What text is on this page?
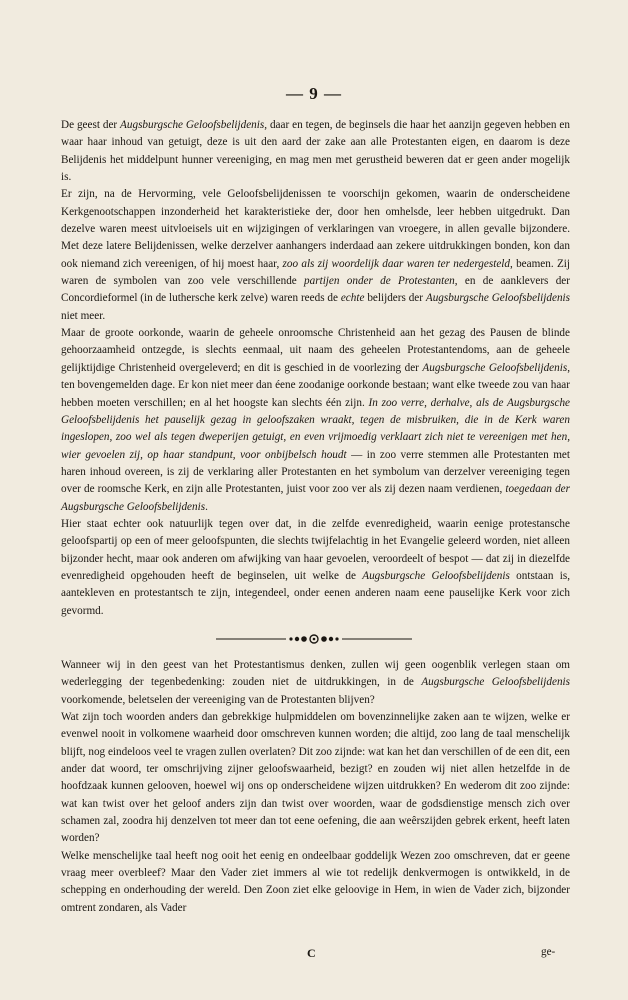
— 9 —

De geest der Augsburgsche Geloofsbelijdenis, daar en tegen, de beginsels die haar het aanzijn gegeven hebben en waar haar inhoud van getuigt, deze is uit den aard der zake aan alle Protestanten eigen, en daarom is deze Belijdenis het middelpunt hunner vereeniging, en mag men met gerustheid beweren dat er geen ander mogelijk is.

Er zijn, na de Hervorming, vele Geloofsbelijdenissen te voorschijn gekomen, waarin de onderscheidene Kerkgenootschappen inzonderheid het karakteristieke der, door hen omhelsde, leer hebben uitgedrukt. Dan dezelve waren meest uitvloeisels uit en wijzigingen of verklaringen van vroegere, in allen gevalle bijzondere. Met deze latere Belijdenissen, welke derzelver aanhangers inderdaad aan zekere uitdrukkingen bonden, kon dan ook niemand zich vereenigen, of hij moest haar, zoo als zij woordelijk daar waren ter nedergesteld, beamen. Zij waren de symbolen van zoo vele verschillende partijen onder de Protestanten, en de aanklevers der Concordieformel (in de luthersche kerk zelve) waren reeds de echte belijders der Augsburgsche Geloofsbelijdenis niet meer.

Maar de groote oorkonde, waarin de geheele onroomsche Christenheid aan het gezag des Pausen de blinde gehoorzaamheid ontzegde, is slechts eenmaal, uit naam des geheelen Protestantendoms, aan de geheele gelijktijdige Christenheid overgeleverd; en dit is geschied in de voorlezing der Augsburgsche Geloofsbelijdenis, ten bovengemelden dage. Er kon niet meer dan éene zoodanige oorkonde bestaan; want elke tweede zou van haar hebben moeten verschillen; en al het hoogste kan slechts één zijn. In zoo verre, derhalve, als de Augsburgsche Geloofsbelijdenis het pauselijk gezag in geloofszaken wraakt, tegen de misbruiken, die in de Kerk waren ingeslopen, zoo wel als tegen dweperijen getuigt, en even vrijmoedig verklaart zich niet te vereenigen met hen, wier gevoelen zij, op haar standpunt, voor onbijbelsch houdt — in zoo verre stemmen alle Protestanten met haren inhoud overeen, is zij de verklaring aller Protestanten en het symbolum van derzelver vereeniging tegen over de roomsche Kerk, en zijn alle Protestanten, juist voor zoo ver als zij dezen naam verdienen, toegedaan der Augsburgsche Geloofsbelijdenis.

Hier staat echter ook natuurlijk tegen over dat, in die zelfde evenredigheid, waarin eenige protestansche geloofspartij op een of meer geloofspunten, die slechts twijfelachtig in het Evangelie geleerd worden, niet alleen bijzonder hecht, maar ook anderen om afwijking van haar gevoelen, veroordeelt of bespot — dat zij in diezelfde evenredigheid opgehouden heeft de beginselen, uit welke de Augsburgsche Geloofsbelijdenis ontstaan is, aantekleven en protestantsch te zijn, integendeel, onder eenen anderen naam eene pauselijke Kerk voor zich gevormd.

Wanneer wij in den geest van het Protestantismus denken, zullen wij geen oogenblik verlegen staan om wederlegging der tegenbedenking: zouden niet de uitdrukkingen, in de Augsburgsche Geloofsbelijdenis voorkomende, beletselen der vereeniging van de Protestanten blijven?

Wat zijn toch woorden anders dan gebrekkige hulpmiddelen om bovenzinnelijke zaken aan te wijzen, welke er evenwel nooit in volkomene waarheid door omschreven kunnen worden; die altijd, zoo lang de taal menschelijk blijft, nog eindeloos veel te vragen zullen overlaten? Dit zoo zijnde: wat kan het dan verschillen of de een dit, een ander dat woord, ter omschrijving zijner geloofswaarheid, bezigt? en zouden wij niet allen hetzelfde in de hoofdzaak kunnen gelooven, hoewel wij ons op onderscheidene wijzen uitdrukken? En wederom dit zoo zijnde: wat kan twist over het geloof anders zijn dan twist over woorden, waar de godsdienstige mensch zich over schamen zal, zoodra hij denzelven tot meer dan tot eene oefening, die aan weêrszijden gebrek erkent, heeft laten worden?

Welke menschelijke taal heeft nog ooit het eenig en ondeelbaar goddelijk Wezen zoo omschreven, dat er geene vraag meer overbleef? Maar den Vader ziet immers al wie tot redelijk denkvermogen is ontwikkeld, in de schepping en onderhouding der wereld. Den Zoon ziet elke geloovige in Hem, in wien de Vader zich, bijzonder omtrent zondaren, als Vader

C	ge-
